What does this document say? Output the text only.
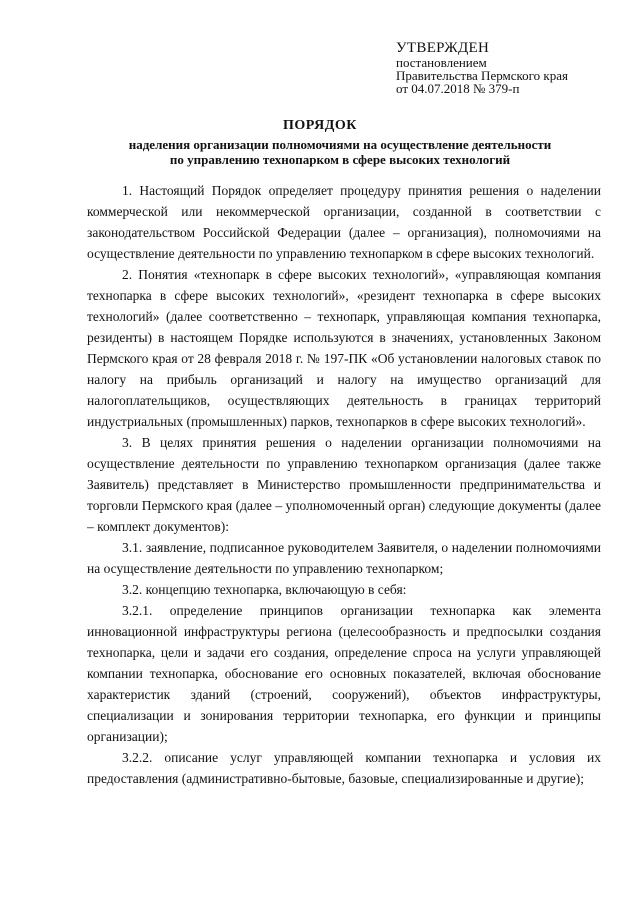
УТВЕРЖДЕН
постановлением
Правительства Пермского края
от 04.07.2018 № 379-п
ПОРЯДОК
наделения организации полномочиями на осуществление деятельности
по управлению технопарком в сфере высоких технологий

1. Настоящий Порядок определяет процедуру принятия решения о наделении коммерческой или некоммерческой организации, созданной в соответствии с законодательством Российской Федерации (далее – организация), полномочиями на осуществление деятельности по управлению технопарком в сфере высоких технологий.

2. Понятия «технопарк в сфере высоких технологий», «управляющая компания технопарка в сфере высоких технологий», «резидент технопарка в сфере высоких технологий» (далее соответственно – технопарк, управляющая компания технопарка, резиденты) в настоящем Порядке используются в значениях, установленных Законом Пермского края от 28 февраля 2018 г. № 197-ПК «Об установлении налоговых ставок по налогу на прибыль организаций и налогу на имущество организаций для налогоплательщиков, осуществляющих деятельность в границах территорий индустриальных (промышленных) парков, технопарков в сфере высоких технологий».

3. В целях принятия решения о наделении организации полномочиями на осуществление деятельности по управлению технопарком организация (далее также Заявитель) представляет в Министерство промышленности предпринимательства и торговли Пермского края (далее – уполномоченный орган) следующие документы (далее – комплект документов):

3.1. заявление, подписанное руководителем Заявителя, о наделении полномочиями на осуществление деятельности по управлению технопарком;

3.2. концепцию технопарка, включающую в себя:

3.2.1. определение принципов организации технопарка как элемента инновационной инфраструктуры региона (целесообразность и предпосылки создания технопарка, цели и задачи его создания, определение спроса на услуги управляющей компании технопарка, обоснование его основных показателей, включая обоснование характеристик зданий (строений, сооружений), объектов инфраструктуры, специализации и зонирования территории технопарка, его функции и принципы организации);

3.2.2. описание услуг управляющей компании технопарка и условия их предоставления (административно-бытовые, базовые, специализированные и другие);
